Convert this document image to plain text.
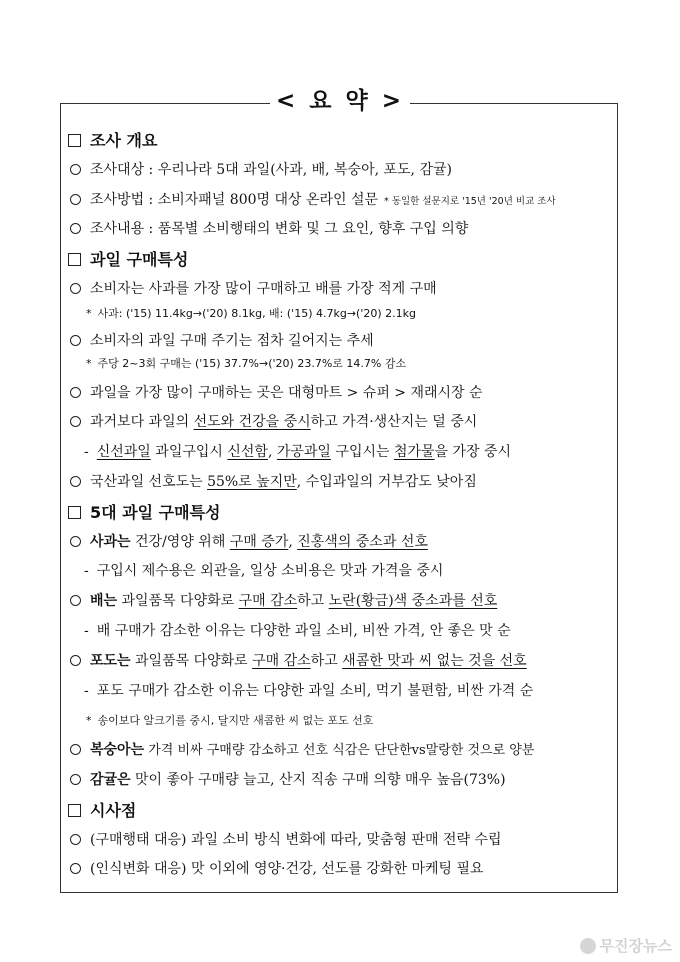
< 요 약 >
조사 개요
조사대상 : 우리나라 5대 과일(사과, 배, 복숭아, 포도, 감귤)
조사방법 : 소비자패널 800명 대상 온라인 설문 * 동일한 설문지로 '15년 '20년 비교 조사
조사내용 : 품목별 소비행태의 변화 및 그 요인, 향후 구입 의향
과일 구매특성
소비자는 사과를 가장 많이 구매하고 배를 가장 적게 구매
* 사과: ('15) 11.4kg→('20) 8.1kg, 배: ('15) 4.7kg→('20) 2.1kg
소비자의 과일 구매 주기는 점차 길어지는 추세
* 주당 2~3회 구매는 ('15) 37.7%→('20) 23.7%로 14.7% 감소
과일을 가장 많이 구매하는 곳은 대형마트 > 슈퍼 > 재래시장 순
과거보다 과일의 선도와 건강을 중시하고 가격·생산지는 덜 중시
- 신선과일 과일구입시 신선함, 가공과일 구입시는 첨가물을 가장 중시
국산과일 선호도는 55%로 높지만, 수입과일의 거부감도 낮아짐
5대 과일 구매특성
사과는 건강/영양 위해 구매 증가, 진홍색의 중소과 선호
- 구입시 제수용은 외관을, 일상 소비용은 맛과 가격을 중시
배는 과일품목 다양화로 구매 감소하고 노란(황금)색 중소과를 선호
- 배 구매가 감소한 이유는 다양한 과일 소비, 비싼 가격, 안 좋은 맛 순
포도는 과일품목 다양화로 구매 감소하고 새콤한 맛과 씨 없는 것을 선호
- 포도 구매가 감소한 이유는 다양한 과일 소비, 먹기 불편함, 비싼 가격 순
* 송이보다 알크기를 중시, 달지만 새콤한 씨 없는 포도 선호
복숭아는 가격 비싸 구매량 감소하고 선호 식감은 단단한vs말랑한 것으로 양분
감귤은 맛이 좋아 구매량 늘고, 산지 직송 구매 의향 매우 높음(73%)
시사점
(구매행태 대응) 과일 소비 방식 변화에 따라, 맞춤형 판매 전략 수립
(인식변화 대응) 맛 이외에 영양·건강, 선도를 강화한 마케팅 필요
무진장뉴스
